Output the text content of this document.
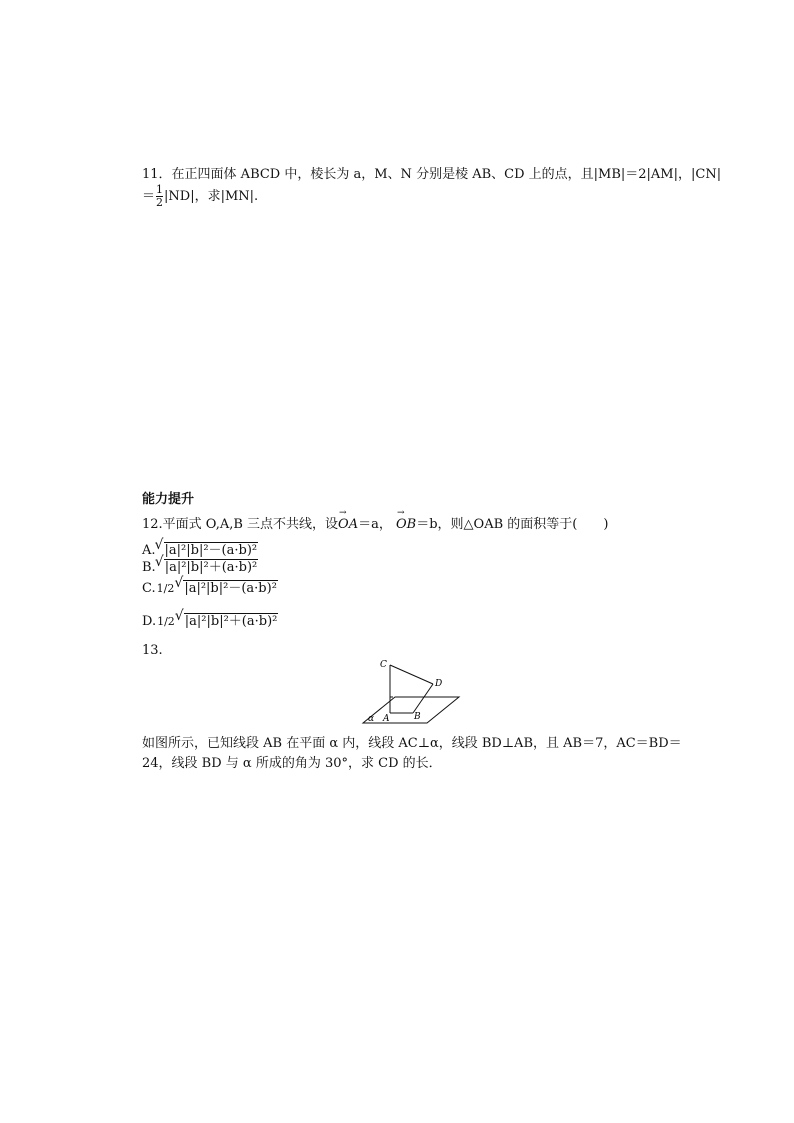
11．在正四面体 ABCD 中，棱长为 a，M、N 分别是棱 AB、CD 上的点，且|MB|＝2|AM|，|CN|
＝ $\frac{1}{2} |ND|$，求|MN|.
能力提升
12.平面式 O,A,B 三点不共线，设→ OA＝a， → OB＝b，则△OAB 的面积等于(　　)
A. √ |a|²|b|²－(a·b)²
B. √ |a|²|b|²＋(a·b)²
C.1/2 √ |a|²|b|²－(a·b)²
D.1/2 √ |a|²|b|²＋(a·b)²
13.
C
D
A	B
α
如图所示，已知线段 AB 在平面 α 内，线段 AC⊥α，线段 BD⊥AB，且 AB＝7，AC＝BD＝
24，线段 BD 与 α 所成的角为 30°，求 CD 的长．
